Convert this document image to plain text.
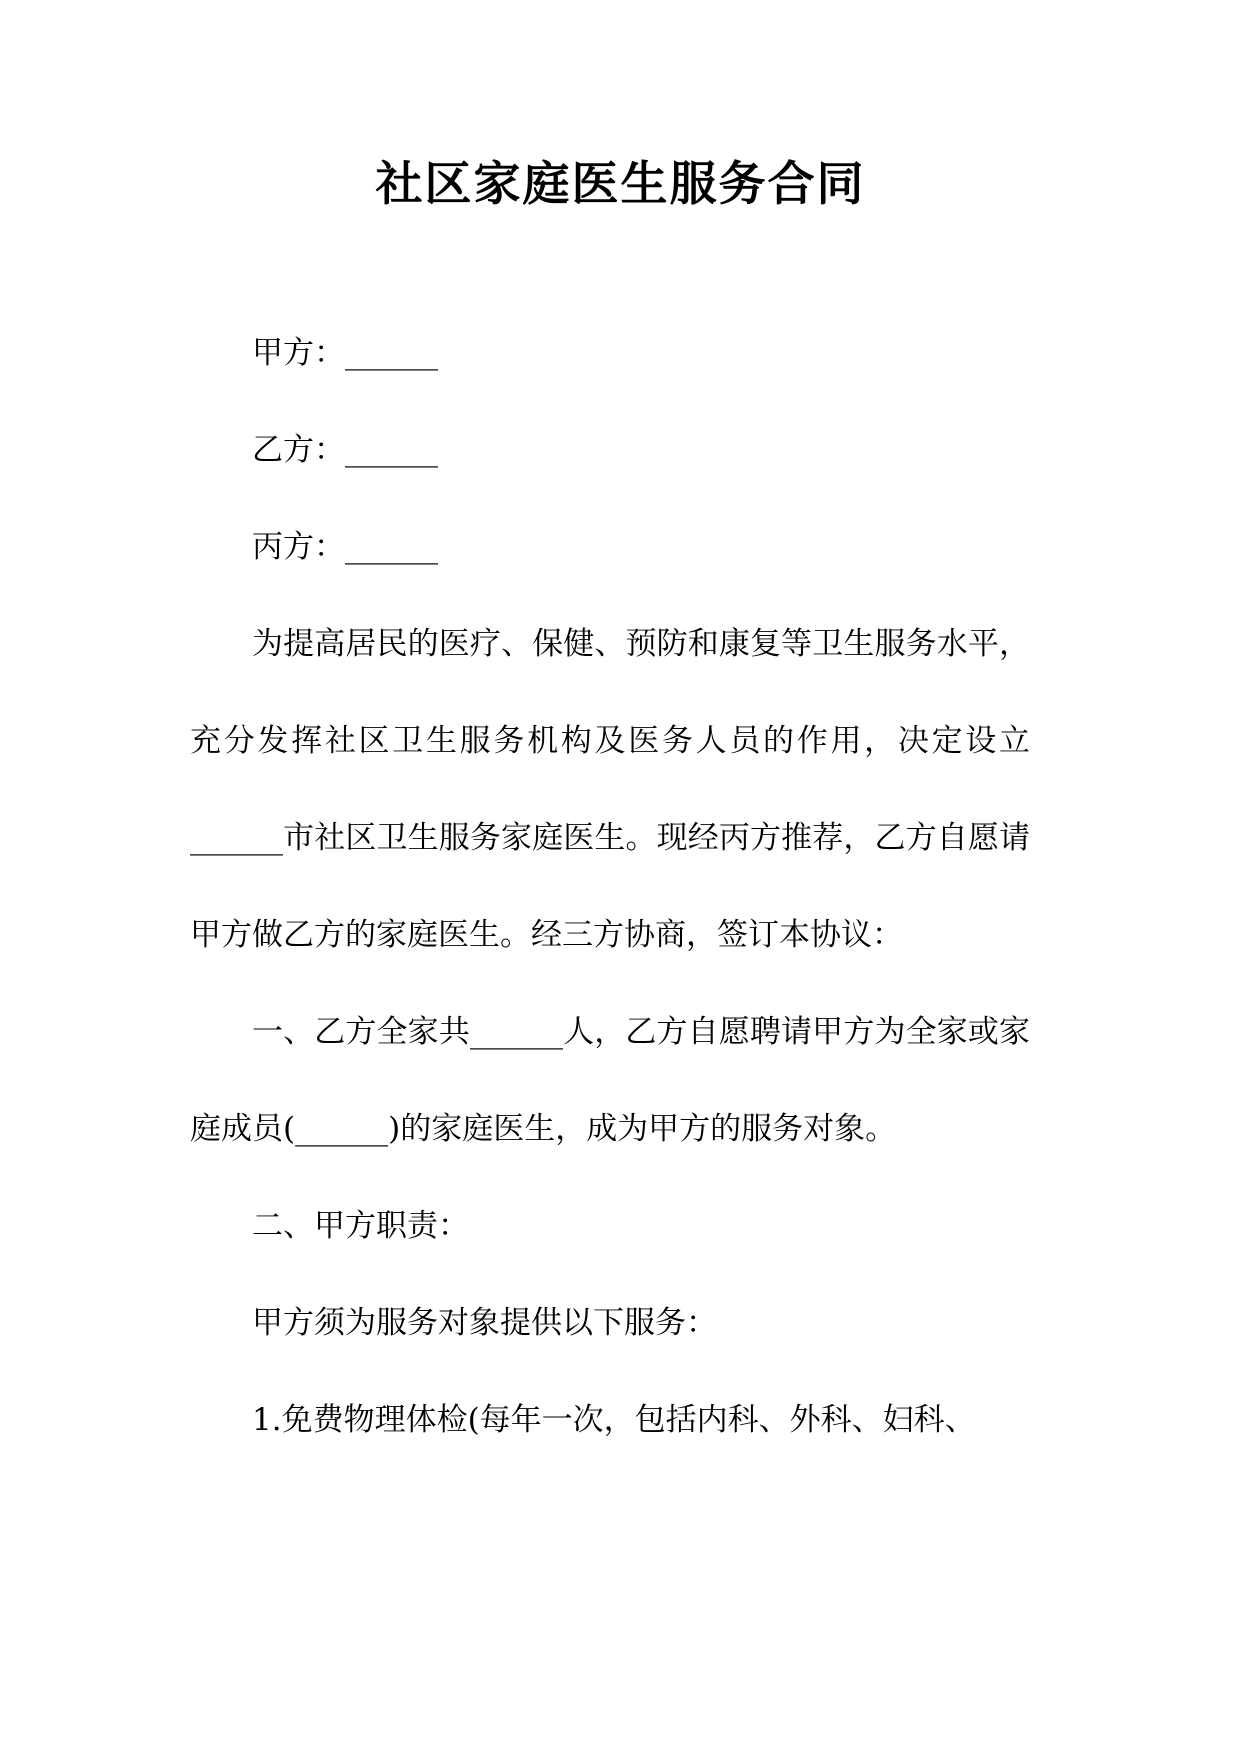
社区家庭医生服务合同

甲方：______

乙方：______

丙方：______

为提高居民的医疗、保健、预防和康复等卫生服务水平，充分发挥社区卫生服务机构及医务人员的作用，决定设立______市社区卫生服务家庭医生。现经丙方推荐，乙方自愿请甲方做乙方的家庭医生。经三方协商，签订本协议：

一、乙方全家共______人，乙方自愿聘请甲方为全家或家庭成员(______)的家庭医生，成为甲方的服务对象。

二、甲方职责：

甲方须为服务对象提供以下服务：

1.免费物理体检(每年一次，包括内科、外科、妇科、
